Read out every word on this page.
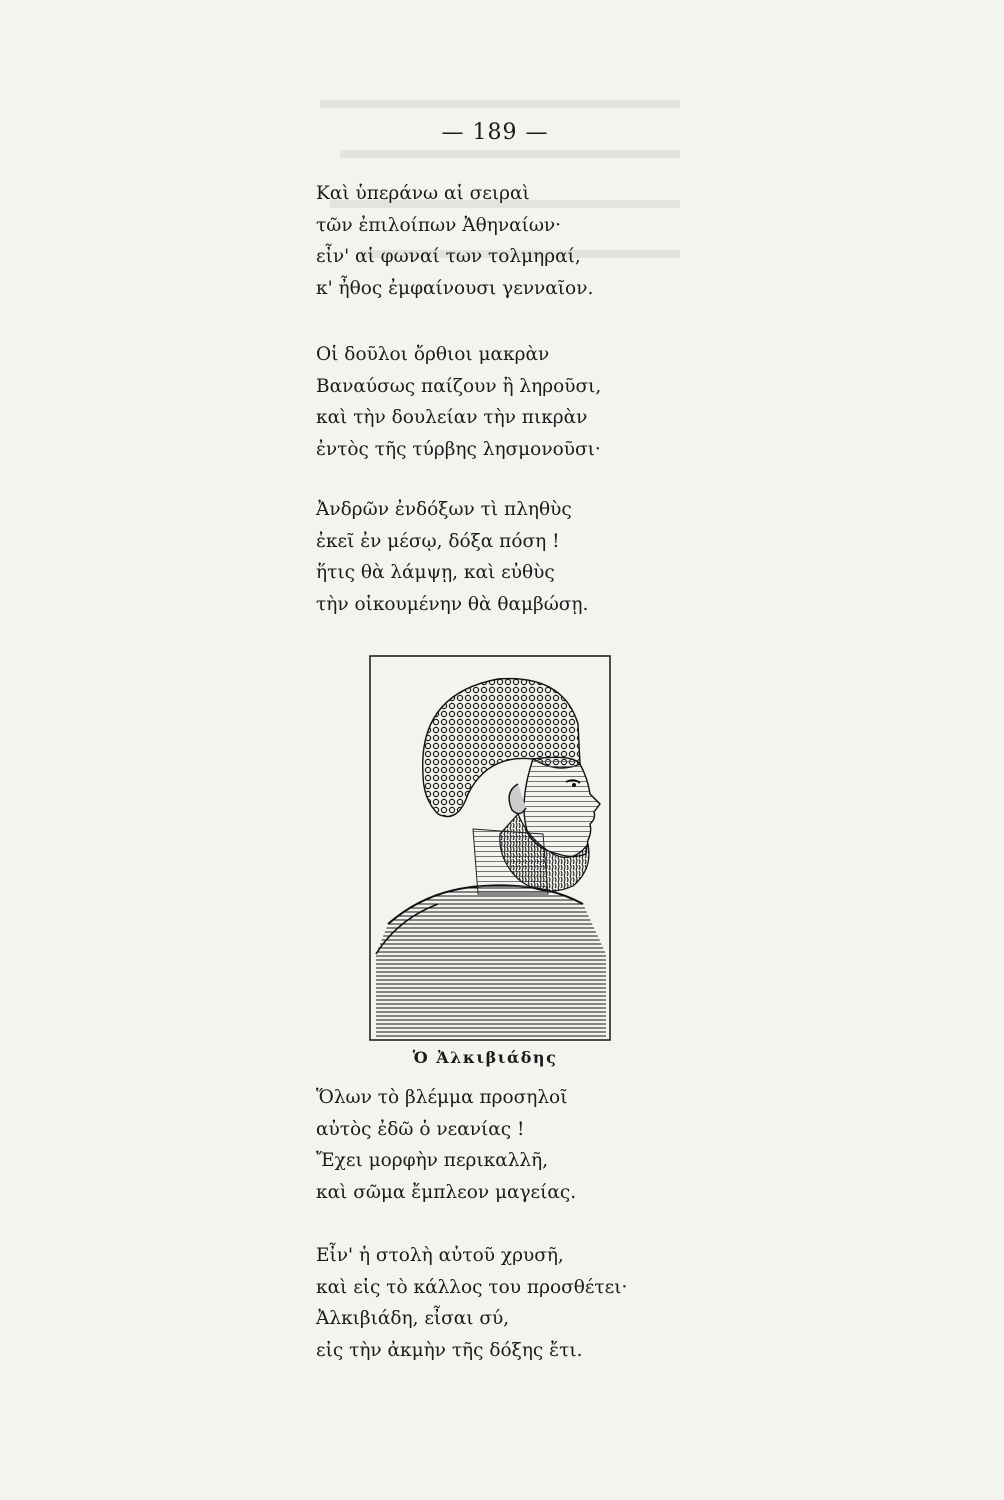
— 189 —
Καὶ ὑπεράνω αἱ σειραὶ
τῶν ἐπιλοίπων Ἀθηναίων·
εἶν' αἱ φωναί των τολμηραί,
κ' ἦθος ἐμφαίνουσι γενναῖον.
Οἱ δοῦλοι ὄρθιοι μακρὰν
Βαναύσως παίζουν ἢ ληροῦσι,
καὶ τὴν δουλείαν τὴν πικρὰν
ἐντὸς τῆς τύρβης λησμονοῦσι·
Ἀνδρῶν ἐνδόξων τὶ πληθὺς
ἐκεῖ ἐν μέσῳ, δόξα πόση !
ἥτις θὰ λάμψῃ, καὶ εὐθὺς
τὴν οἰκουμένην θὰ θαμβώσῃ.
Ὁ Ἀλκιβιάδης
Ὅλων τὸ βλέμμα προσηλοῖ
αὐτὸς ἐδῶ ὁ νεανίας !
Ἔχει μορφὴν περικαλλῆ,
καὶ σῶμα ἔμπλεον μαγείας.
Εἶν' ἡ στολὴ αὐτοῦ χρυσῆ,
καὶ εἰς τὸ κάλλος του προσθέτει·
Ἀλκιβιάδη, εἶσαι σύ,
εἰς τὴν ἀκμὴν τῆς δόξης ἔτι.
